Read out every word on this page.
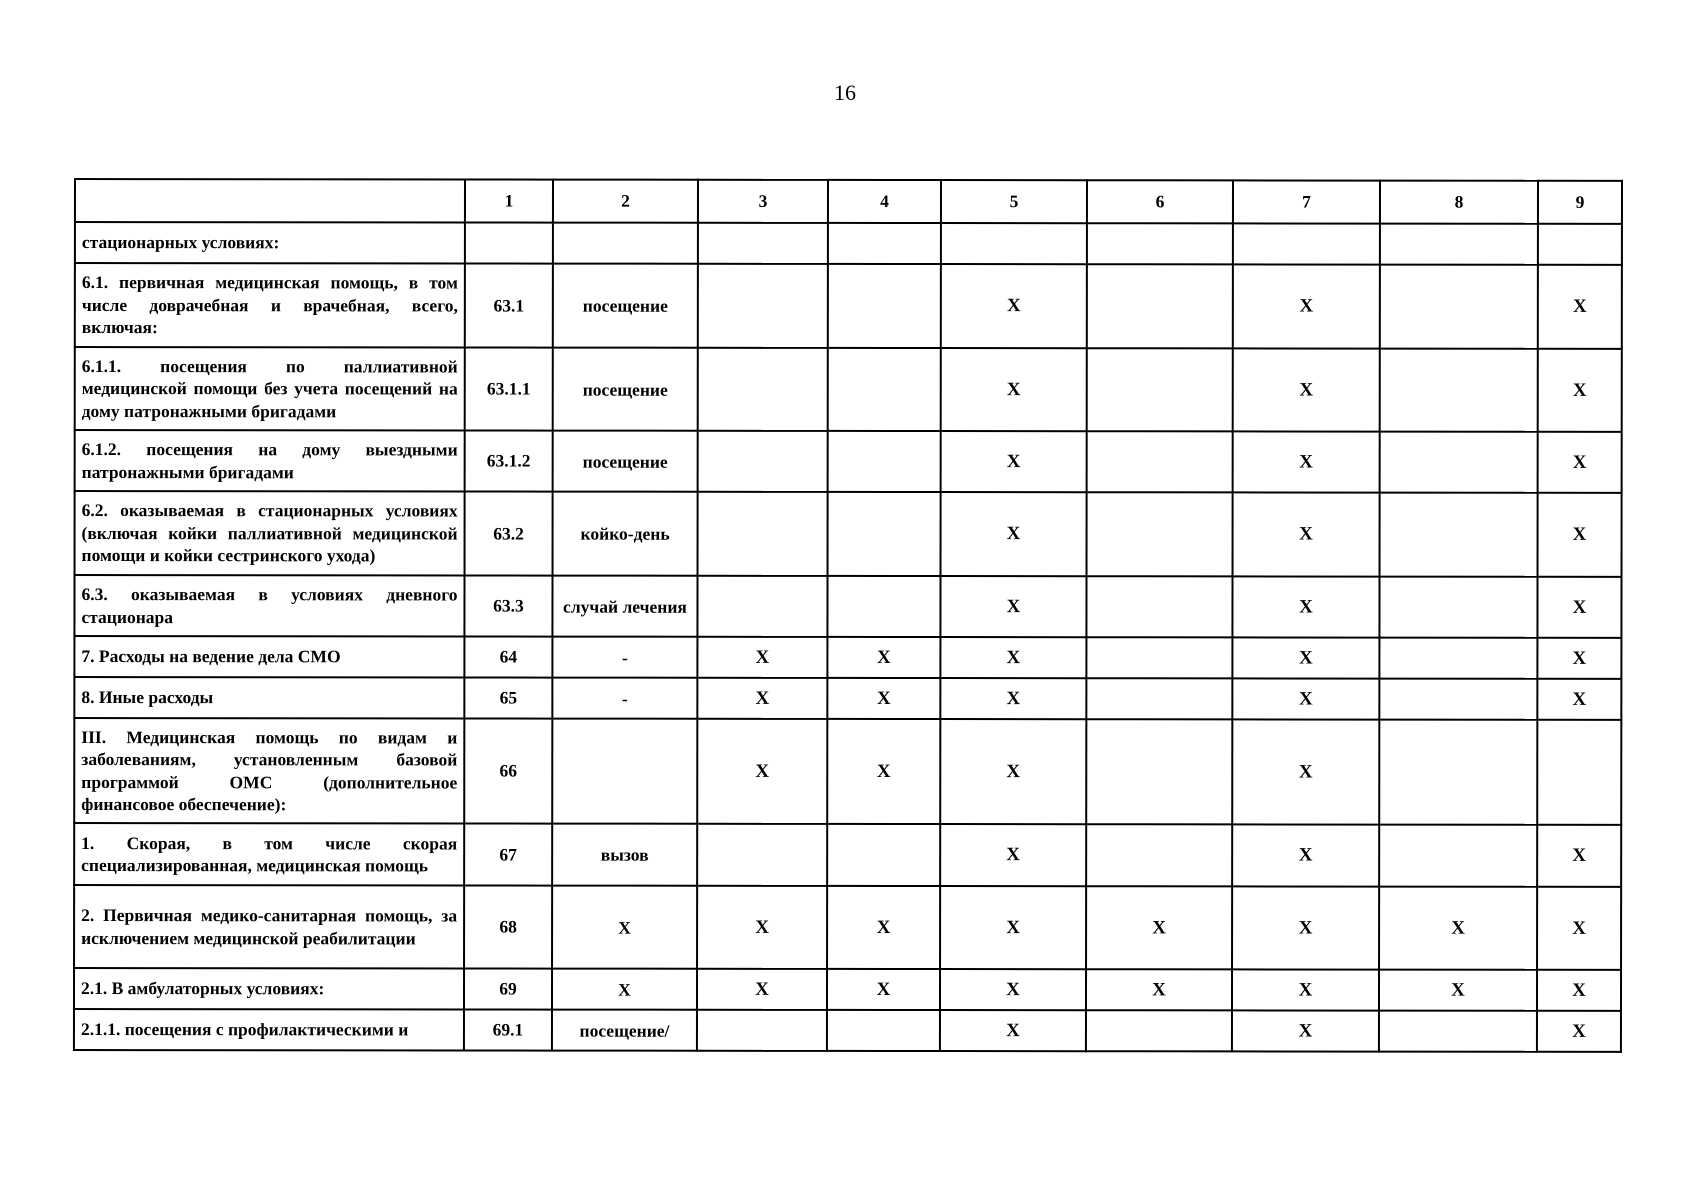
16
	1	2	3	4	5	6	7	8	9
стационарных условиях:									
6.1. первичная медицинская помощь, в том числе доврачебная и врачебная, всего, включая:	63.1	посещение			X		X		X
6.1.1. посещения по паллиативной медицинской помощи без учета посещений на дому патронажными бригадами	63.1.1	посещение			X		X		X
6.1.2. посещения на дому выездными патронажными бригадами	63.1.2	посещение			X		X		X
6.2. оказываемая в стационарных условиях (включая койки паллиативной медицинской помощи и койки сестринского ухода)	63.2	койко-день			X		X		X
6.3. оказываемая в условиях дневного стационара	63.3	случай лечения			X		X		X
7. Расходы на ведение дела СМО	64	-	X	X	X		X		X
8. Иные расходы	65	-	X	X	X		X		X
III. Медицинская помощь по видам и заболеваниям, установленным базовой программой ОМС (дополнительное финансовое обеспечение):	66		X	X	X		X		
1. Скорая, в том числе скорая специализированная, медицинская помощь	67	вызов			X		X		X
2. Первичная медико-санитарная помощь, за исключением медицинской реабилитации	68	X	X	X	X	X	X	X	X
2.1. В амбулаторных условиях:	69	X	X	X	X	X	X	X	X
2.1.1. посещения с профилактическими и	69.1	посещение/			X		X		X
